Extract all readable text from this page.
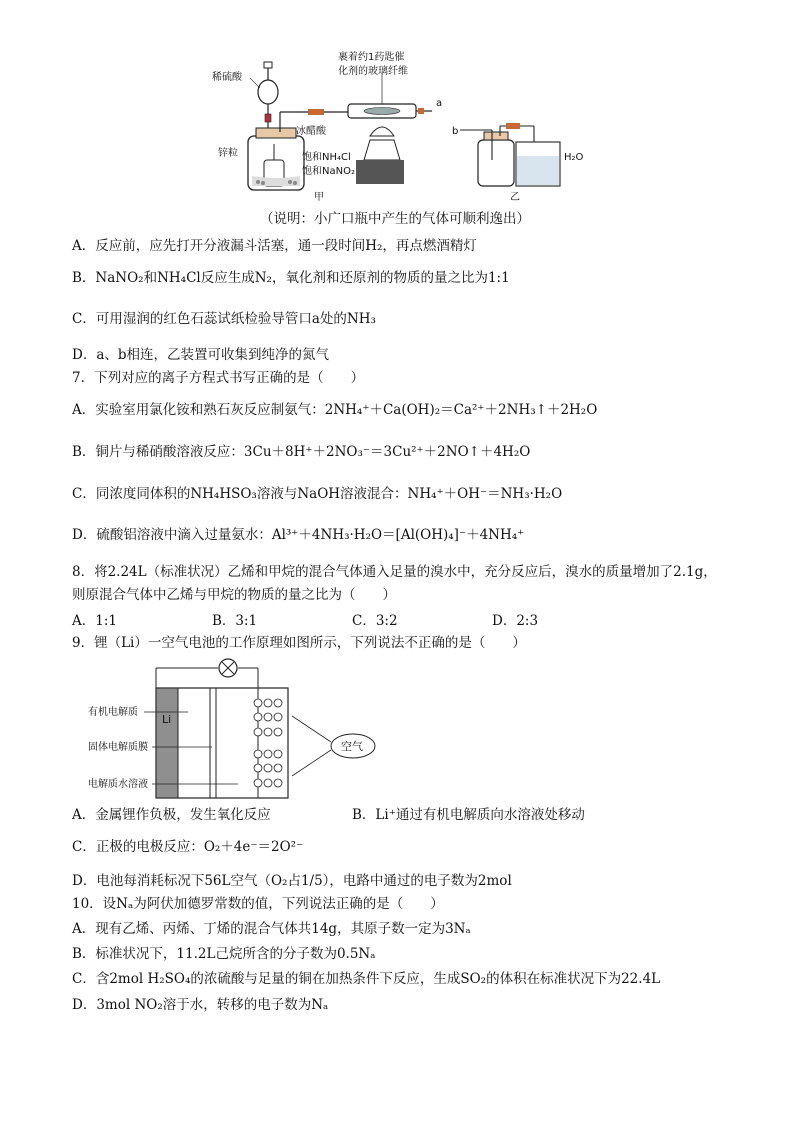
稀硫酸
裹着约1药匙催
化剂的玻璃纤维
a
冰醋酸
锌粒	饱和NH₄Cl
饱和NaNO₂
甲
b
H₂O
乙
（说明：小广口瓶中产生的气体可顺利逸出）
A．反应前，应先打开分液漏斗活塞，通一段时间H₂，再点燃酒精灯
B．NaNO₂和NH₄Cl反应生成N₂，氧化剂和还原剂的物质的量之比为1:1
C．可用湿润的红色石蕊试纸检验导管口a处的NH₃
D．a、b相连，乙装置可收集到纯净的氮气
7．下列对应的离子方程式书写正确的是（　　）
A．实验室用氯化铵和熟石灰反应制氨气：2NH₄⁺＋Ca(OH)₂＝Ca²⁺＋2NH₃↑＋2H₂O
B．铜片与稀硝酸溶液反应：3Cu＋8H⁺＋2NO₃⁻＝3Cu²⁺＋2NO↑＋4H₂O
C．同浓度同体积的NH₄HSO₃溶液与NaOH溶液混合：NH₄⁺＋OH⁻＝NH₃·H₂O
D．硫酸铝溶液中滴入过量氨水：Al³⁺＋4NH₃·H₂O＝[Al(OH)₄]⁻＋4NH₄⁺
8．将2.24L（标准状况）乙烯和甲烷的混合气体通入足量的溴水中，充分反应后，溴水的质量增加了2.1g，
则原混合气体中乙烯与甲烷的物质的量之比为（　　）
A．1:1	B．3:1	C．3:2	D．2:3
9．锂（Li）一空气电池的工作原理如图所示，下列说法不正确的是（　　）
空气
Li
有机电解质
固体电解质膜
电解质水溶液
A．金属锂作负极，发生氧化反应	B．Li⁺通过有机电解质向水溶液处移动
C．正极的电极反应：O₂＋4e⁻＝2O²⁻
D．电池每消耗标况下56L空气（O₂占1/5），电路中通过的电子数为2mol
10．设Nₐ为阿伏加德罗常数的值，下列说法正确的是（　　）
A．现有乙烯、丙烯、丁烯的混合气体共14g，其原子数一定为3Nₐ
B．标准状况下，11.2L己烷所含的分子数为0.5Nₐ
C．含2mol H₂SO₄的浓硫酸与足量的铜在加热条件下反应，生成SO₂的体积在标准状况下为22.4L
D．3mol NO₂溶于水，转移的电子数为Nₐ
